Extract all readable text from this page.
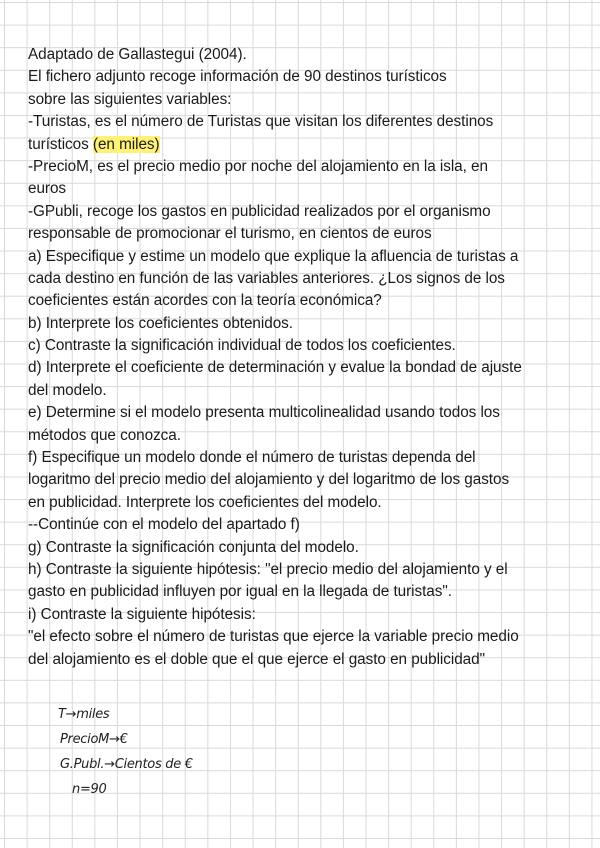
Adaptado de Gallastegui (2004).
El fichero adjunto recoge información de 90 destinos turísticos
sobre las siguientes variables:
-Turistas, es el número de Turistas que visitan los diferentes destinos
turísticos (en miles)
-PrecioM, es el precio medio por noche del alojamiento en la isla, en
euros
-GPubli, recoge los gastos en publicidad realizados por el organismo
responsable de promocionar el turismo, en cientos de euros
a) Especifique y estime un modelo que explique la afluencia de turistas a
cada destino en función de las variables anteriores. ¿Los signos de los
coeficientes están acordes con la teoría económica?
b) Interprete los coeficientes obtenidos.
c) Contraste la significación individual de todos los coeficientes.
d) Interprete el coeficiente de determinación y evalue la bondad de ajuste
del modelo.
e) Determine si el modelo presenta multicolinealidad usando todos los
métodos que conozca.
f) Especifique un modelo donde el número de turistas dependa del
logaritmo del precio medio del alojamiento y del logaritmo de los gastos
en publicidad. Interprete los coeficientes del modelo.
--Continúe con el modelo del apartado f)
g) Contraste la significación conjunta del modelo.
h) Contraste la siguiente hipótesis: "el precio medio del alojamiento y el
gasto en publicidad influyen por igual en la llegada de turistas".
i) Contraste la siguiente hipótesis:
"el efecto sobre el número de turistas que ejerce la variable precio medio
del alojamiento es el doble que el que ejerce el gasto en publicidad"
T→miles
PrecioM→€
G.Publ.→Cientos de €
n=90
